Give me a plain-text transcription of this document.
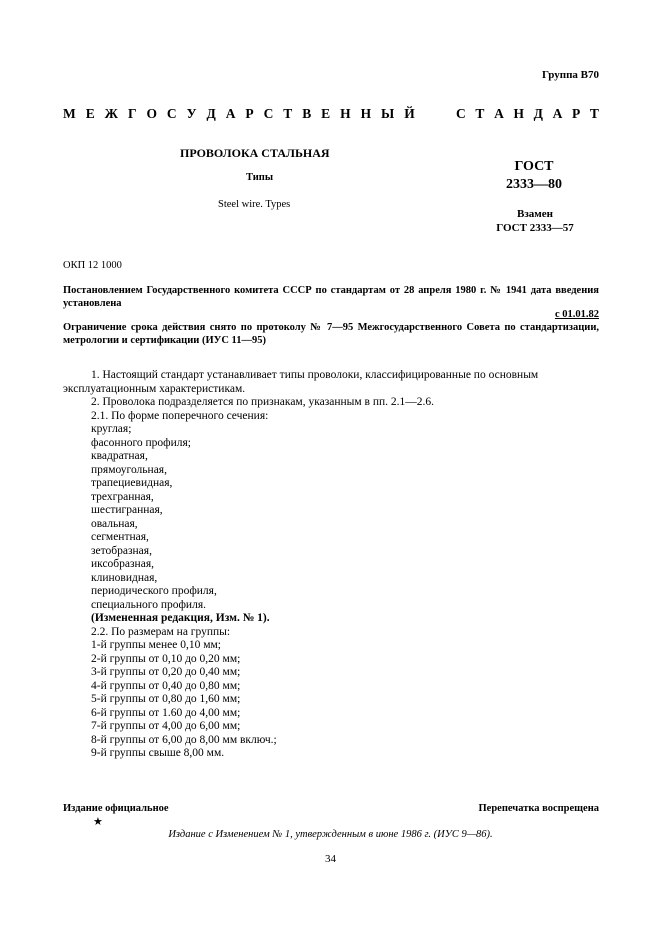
Группа В70
М Е Ж Г О С У Д А Р С Т В Е Н Н Ы Й	С Т А Н Д А Р Т
ПРОВОЛОКА СТАЛЬНАЯ
Типы
Steel wire. Types
ГОСТ
2333—80
Взамен
ГОСТ 2333—57
ОКП 12 1000
Постановлением Государственного комитета СССР по стандартам от 28 апреля 1980 г. № 1941 дата введения установлена
с 01.01.82
Ограничение срока действия снято по протоколу № 7—95 Межгосударственного Совета по стандартизации, метрологии и сертификации (ИУС 11—95)

1. Настоящий стандарт устанавливает типы проволоки, классифицированные по основным эксплуатационным характеристикам.

2. Проволока подразделяется по признакам, указанным в пп. 2.1—2.6.

2.1. По форме поперечного сечения:

круглая;

фасонного профиля;

квадратная,

прямоугольная,

трапециевидная,

трехгранная,

шестигранная,

овальная,

сегментная,

зетобразная,

иксобразная,

клиновидная,

периодического профиля,

специального профиля.

(Измененная редакция, Изм. № 1).

2.2. По размерам на группы:

1-й группы менее 0,10 мм;

2-й группы от 0,10 до 0,20 мм;

3-й группы от 0,20 до 0,40 мм;

4-й группы от 0,40 до 0,80 мм;

5-й группы от 0,80 до 1,60 мм;

6-й группы от 1.60 до 4,00 мм;

7-й группы от 4,00 до 6,00 мм;

8-й группы от 6,00 до 8,00 мм включ.;

9-й группы свыше 8,00 мм.

Издание официальное	Перепечатка воспрещена
★
Издание с Изменением № 1, утвержденным в июне 1986 г. (ИУС 9—86).
34
